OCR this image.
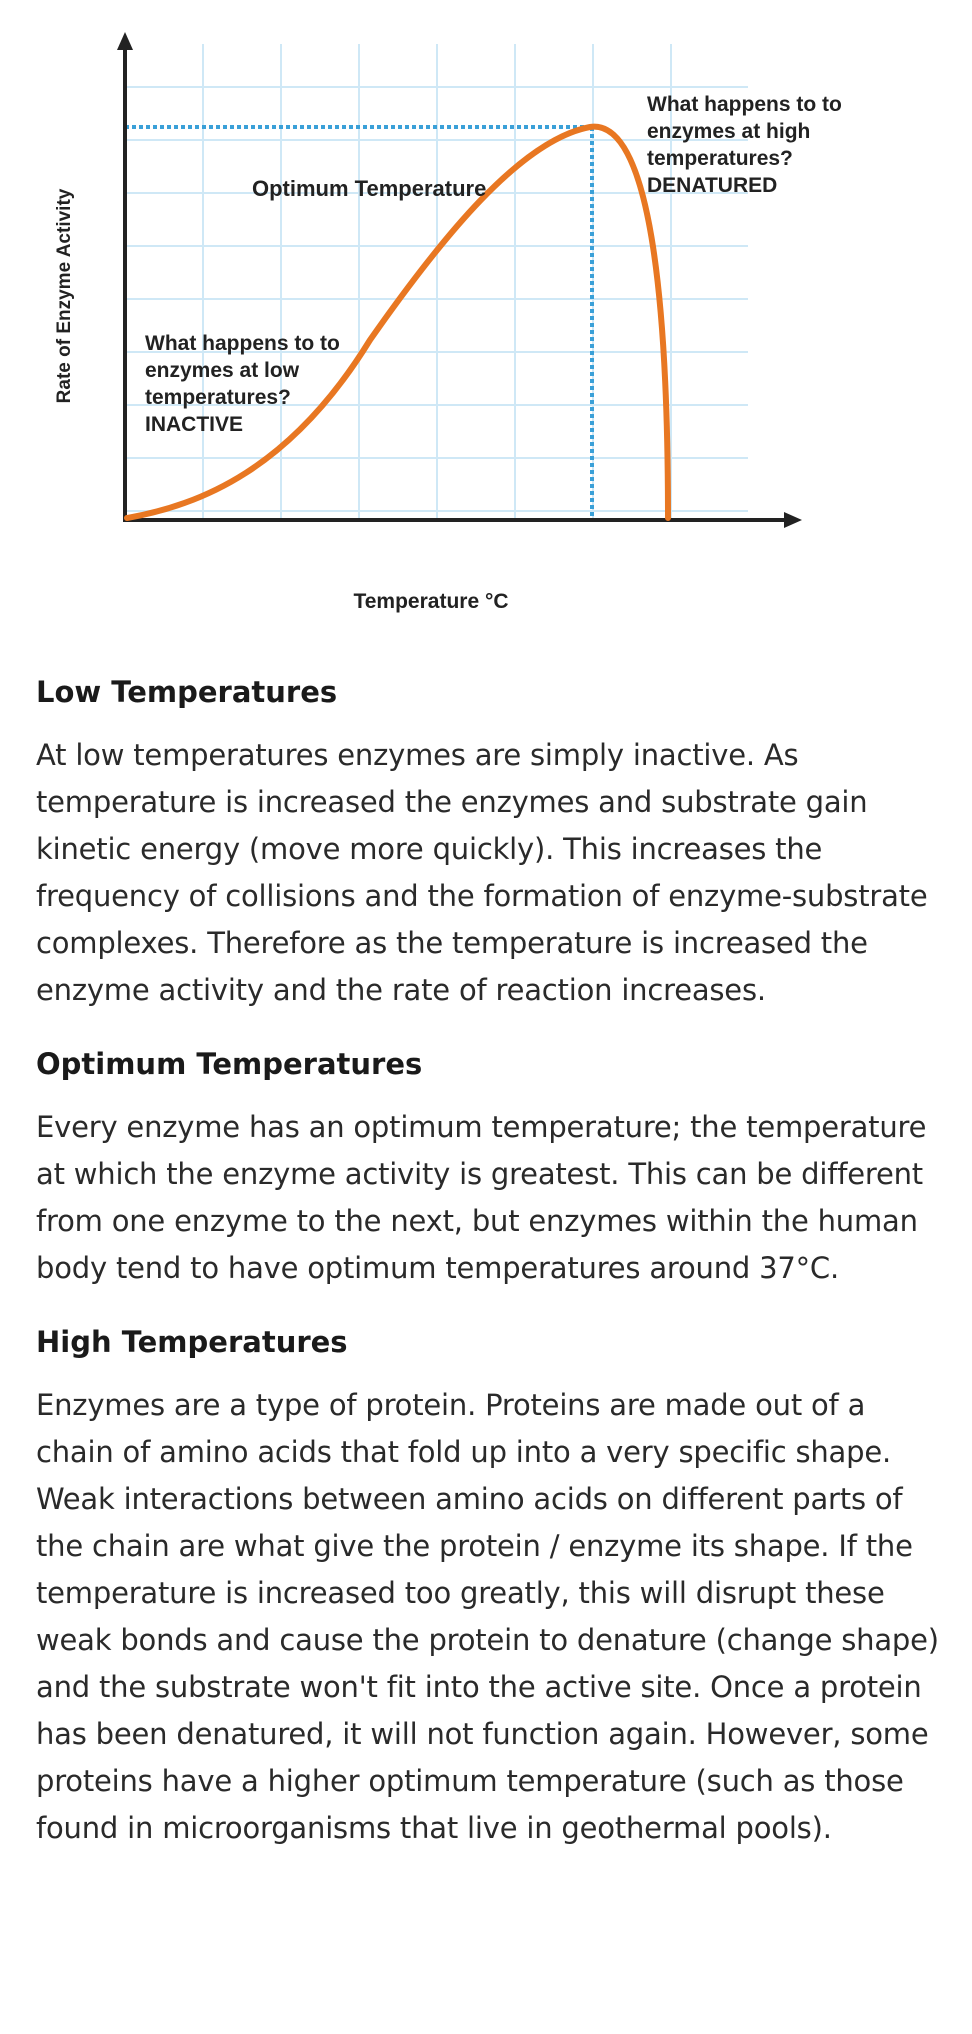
Optimum Temperature
What happens to to enzymes at low temperatures? INACTIVE
What happens to to enzymes at high temperatures? DENATURED
Rate of Enzyme Activity
Temperature °C
Low Temperatures

At low temperatures enzymes are simply inactive. As temperature is increased the enzymes and substrate gain kinetic energy (move more quickly). This increases the frequency of collisions and the formation of enzyme-substrate complexes. Therefore as the temperature is increased the enzyme activity and the rate of reaction increases.

Optimum Temperatures

Every enzyme has an optimum temperature; the temperature at which the enzyme activity is greatest. This can be different from one enzyme to the next, but enzymes within the human body tend to have optimum temperatures around 37°C.

High Temperatures

Enzymes are a type of protein. Proteins are made out of a chain of amino acids that fold up into a very specific shape. Weak interactions between amino acids on different parts of the chain are what give the protein / enzyme its shape. If the temperature is increased too greatly, this will disrupt these weak bonds and cause the protein to denature (change shape) and the substrate won't fit into the active site. Once a protein has been denatured, it will not function again. However, some proteins have a higher optimum temperature (such as those found in microorganisms that live in geothermal pools).
